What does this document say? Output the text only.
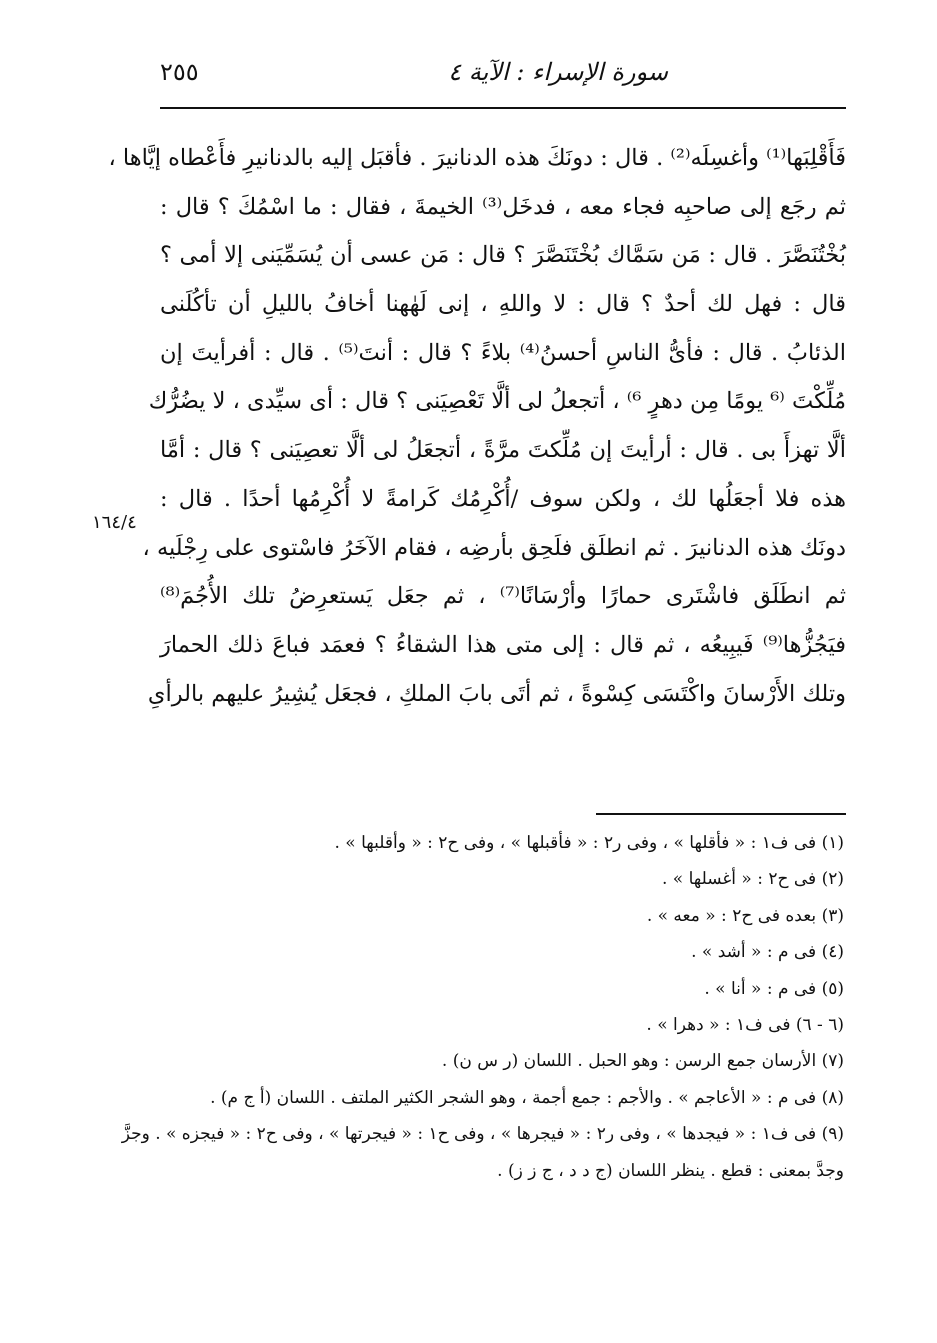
سورة الإسراء : الآية ٤
٢٥٥
فَأَقْلِبَها⁽¹⁾ وأغسِلَه⁽²⁾ . قال : دونَكَ هذه الدنانيرَ . فأقبَل إليه بالدنانيرِ فأَعْطاه إيَّاها ،
ثم رجَع إلى صاحبِه فجاء معه ، فدخَل⁽³⁾ الخيمةَ ، فقال : ما اسْمُكَ ؟ قال :
بُخْتُنَصَّرَ . قال : مَن سَمَّاك بُخْتَنَصَّرَ ؟ قال : مَن عسى أن يُسَمِّيَنى إلا أمى ؟
قال : فهل لك أحدٌ ؟ قال : لا واللهِ ، إنى لَهٰهنا أخافُ بالليلِ أن تأكُلَنى
الذئابُ . قال : فأىُّ الناسِ أحسنُ⁽⁴⁾ بلاءً ؟ قال : أنتَ⁽⁵⁾ . قال : أفرأيتَ إن
مُلِّكْتَ ⁽⁶ يومًا مِن دهرٍ ⁶⁾ ، أتجعلُ لى ألَّا تَعْصِيَنى ؟ قال : أى سيِّدى ، لا يضُرُّك
ألَّا تهزأَ بى . قال : أرأيتَ إن مُلِّكتَ مرَّةً ، أتجعَلُ لى ألَّا تعصِيَنى ؟ قال : أمَّا
هذه فلا أجعَلُها لك ، ولكن سوف /أُكْرِمُك كَرامةً لا أُكْرِمُها أحدًا . قال :
دونَك هذه الدنانيرَ . ثم انطلَق فلَحِق بأرضِه ، فقام الآخَرُ فاسْتوى على رِجْلَيه ،
ثم انطَلَق فاشْتَرى حمارًا وأرْسَانًا⁽⁷⁾ ، ثم جعَل يَستعرِضُ تلك الأُجُمَ⁽⁸⁾
فيَجُزُّها⁽⁹⁾ فَيبِيعُه ، ثم قال : إلى متى هذا الشقاءُ ؟ فعمَد فباعَ ذلك الحمارَ
وتلك الأَرْسانَ واكْتَسَى كِسْوةً ، ثم أتَى بابَ الملكِ ، فجعَل يُشِيرُ عليهم بالرأىِ
١٦٤/٤
(١) فى ف١ : « فأقلها » ، وفى ر٢ : « فأقبلها » ، وفى ح٢ : « وأقلبها » .
(٢) فى ح٢ : « أغسلها » .
(٣) بعده فى ح٢ : « معه » .
(٤) فى م : « أشد » .
(٥) فى م : « أنا » .
(٦ - ٦) فى ف١ : « دهرا » .
(٧) الأرسان جمع الرسن : وهو الحبل . اللسان (ر س ن) .
(٨) فى م : « الأعاجم » . والأجم : جمع أجمة ، وهو الشجر الكثير الملتف . اللسان (أ ج م) .
(٩) فى ف١ : « فيجدها » ، وفى ر٢ : « فيجرها » ، وفى ح١ : « فيجرتها » ، وفى ح٢ : « فيجزه » . وجزَّ
وجدَّ بمعنى : قطع . ينظر اللسان (ج د د ، ج ز ز) .
